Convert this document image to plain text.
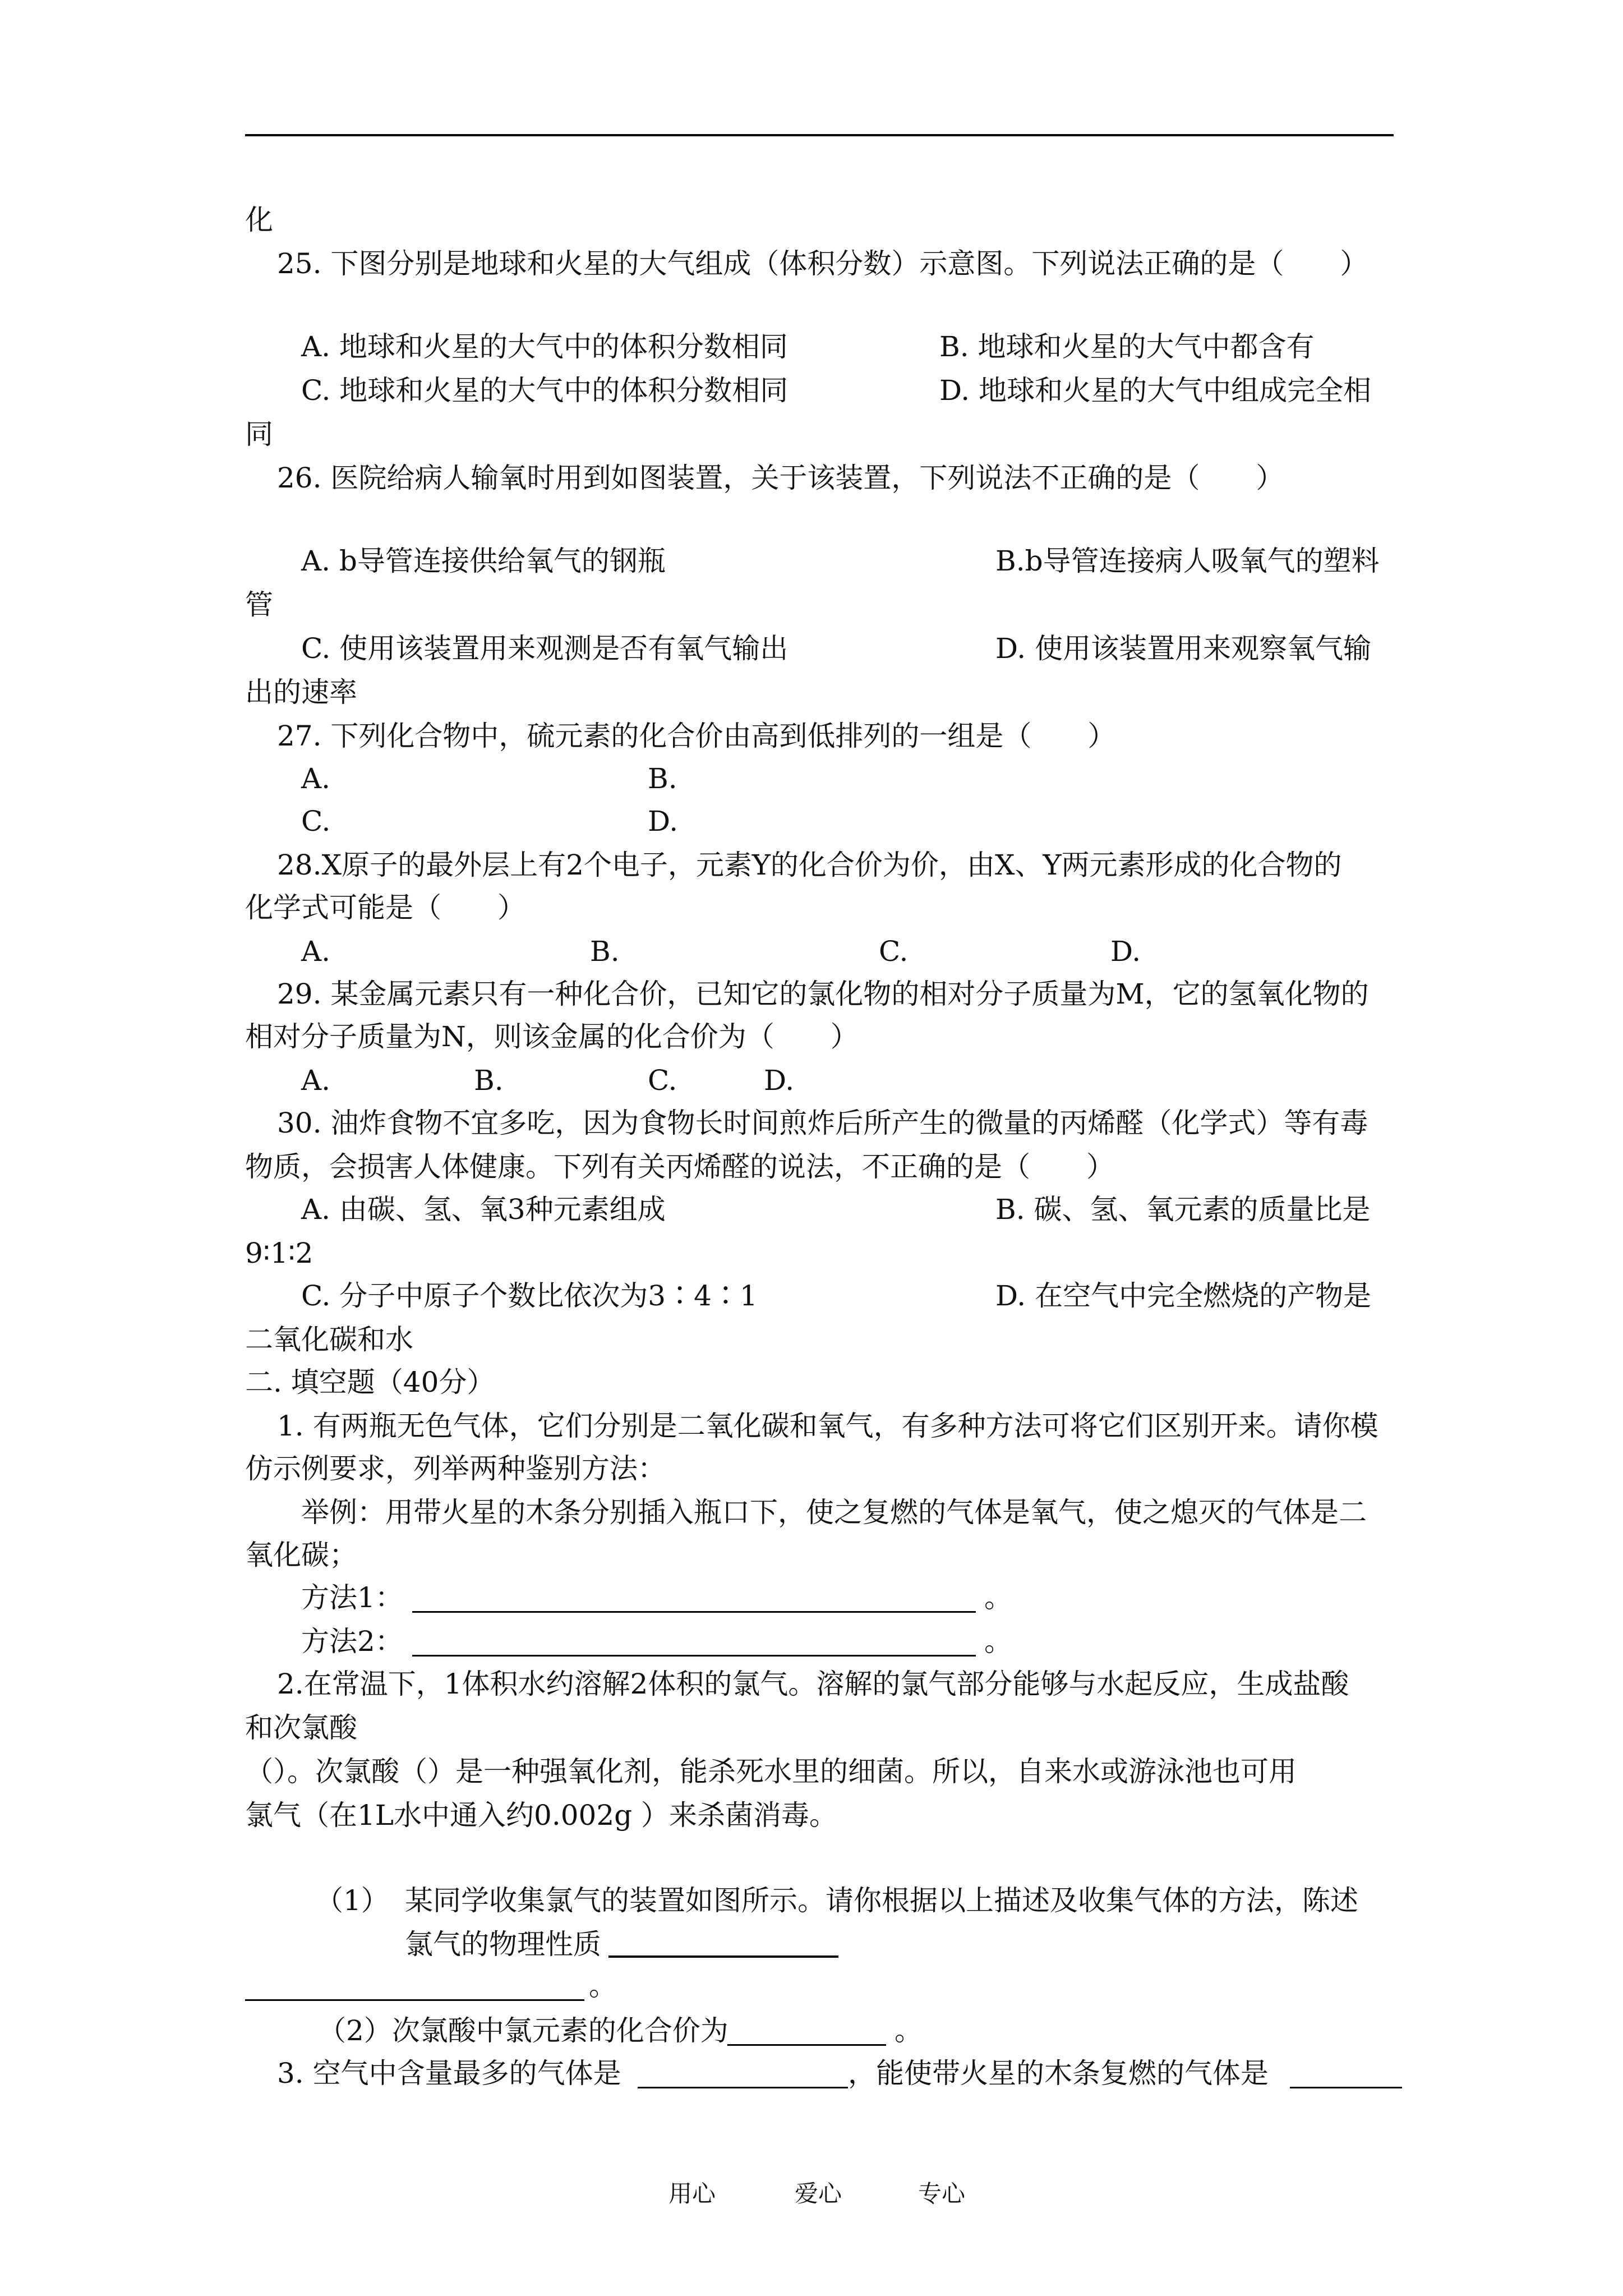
化
25. 下图分别是地球和火星的大气组成（体积分数）示意图。下列说法正确的是（　　）
A. 地球和火星的大气中的体积分数相同	B. 地球和火星的大气中都含有
C. 地球和火星的大气中的体积分数相同	D. 地球和火星的大气中组成完全相
同
26. 医院给病人输氧时用到如图装置，关于该装置，下列说法不正确的是（　　）
A. b导管连接供给氧气的钢瓶	B.b导管连接病人吸氧气的塑料
管
C. 使用该装置用来观测是否有氧气输出	D. 使用该装置用来观察氧气输
出的速率
27. 下列化合物中，硫元素的化合价由高到低排列的一组是（　　）
A.	B.
C.	D.
28.X原子的最外层上有2个电子，元素Y的化合价为价，由X、Y两元素形成的化合物的
化学式可能是（　　）
A.	B.	C.	D.
29. 某金属元素只有一种化合价，已知它的氯化物的相对分子质量为M，它的氢氧化物的
相对分子质量为N，则该金属的化合价为（　　）
A.	B.	C.	D.
30. 油炸食物不宜多吃，因为食物长时间煎炸后所产生的微量的丙烯醛（化学式）等有毒
物质，会损害人体健康。下列有关丙烯醛的说法，不正确的是（　　）
A. 由碳、氢、氧3种元素组成	B. 碳、氢、氧元素的质量比是
9∶1∶2
C. 分子中原子个数比依次为3∶4∶1	D. 在空气中完全燃烧的产物是
二氧化碳和水
二. 填空题（40分）
1. 有两瓶无色气体，它们分别是二氧化碳和氧气，有多种方法可将它们区别开来。请你模
仿示例要求，列举两种鉴别方法：
举例：用带火星的木条分别插入瓶口下，使之复燃的气体是氧气，使之熄灭的气体是二
氧化碳；
方法1：	。
方法2：	。
2.在常温下，1体积水约溶解2体积的氯气。溶解的氯气部分能够与水起反应，生成盐酸
和次氯酸
（）。次氯酸（）是一种强氧化剂，能杀死水里的细菌。所以，自来水或游泳池也可用
氯气（在1L水中通入约0.002g ）来杀菌消毒。
（1） 某同学收集氯气的装置如图所示。请你根据以上描述及收集气体的方法，陈述
氯气的物理性质
。
（2）次氯酸中氯元素的化合价为	。
3. 空气中含量最多的气体是	，能使带火星的木条复燃的气体是
用心	爱心	专心
